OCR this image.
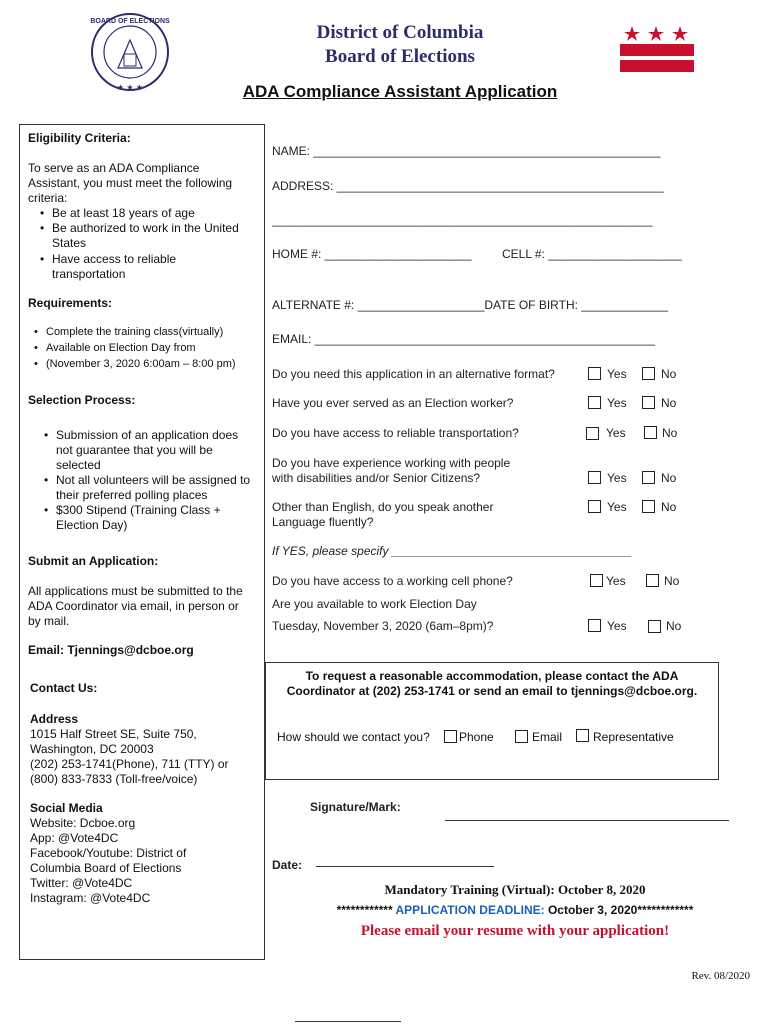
BOARD OF ELECTIONS
★ ★ ★
District of Columbia
Board of Elections
ADA Compliance Assistant Application
Eligibility Criteria:
To serve as an ADA Compliance
Assistant, you must meet the following
criteria:
• Be at least 18 years of age
• Be authorized to work in the United
States
• Have access to reliable
transportation
Requirements:
• Complete the training class(virtually)
• Available on Election Day from
• (November 3, 2020 6:00am – 8:00 pm)
Selection Process:
• Submission of an application does
not guarantee that you will be
selected
• Not all volunteers will be assigned to
their preferred polling places
• $300 Stipend (Training Class +
Election Day)
Submit an Application:
All applications must be submitted to the
ADA Coordinator via email, in person or
by mail.
Email: Tjennings@dcboe.org
Contact Us:
Address
1015 Half Street SE, Suite 750,
Washington, DC 20003
(202) 253-1741(Phone), 711 (TTY) or
(800) 833-7833 (Toll-free/voice)
Social Media
Website: Dcboe.org
App: @Vote4DC
Facebook/Youtube: District of
Columbia Board of Elections
Twitter: @Vote4DC
Instagram: @Vote4DC
NAME: ____________________________________________________
ADDRESS: _________________________________________________
_________________________________________________________
HOME #: ______________________	CELL #: ____________________
ALTERNATE #: ___________________DATE OF BIRTH: _____________
EMAIL: ___________________________________________________
Do you need this application in an alternative format?	Yes	No
Have you ever served as an Election worker?	Yes	No
Do you have access to reliable transportation?	Yes	No
Do you have experience working with people
with disabilities and/or Senior Citizens?	Yes	No
Other than English, do you speak another
Language fluently?
Yes	No
If YES, please specify ____________________________________
Do you have access to a working cell phone?	Yes	No
Are you available to work Election Day
Tuesday, November 3, 2020 (6am–8pm)?	Yes	No
To request a reasonable accommodation, please contact the ADA
Coordinator at (202) 253-1741 or send an email to tjennings@dcboe.org.
How should we contact you? Phone	Email	Representative
Signature/Mark:
Date:
Mandatory Training (Virtual): October 8, 2020
************ APPLICATION DEADLINE: October 3, 2020************
Please email your resume with your application!
Rev. 08/2020
